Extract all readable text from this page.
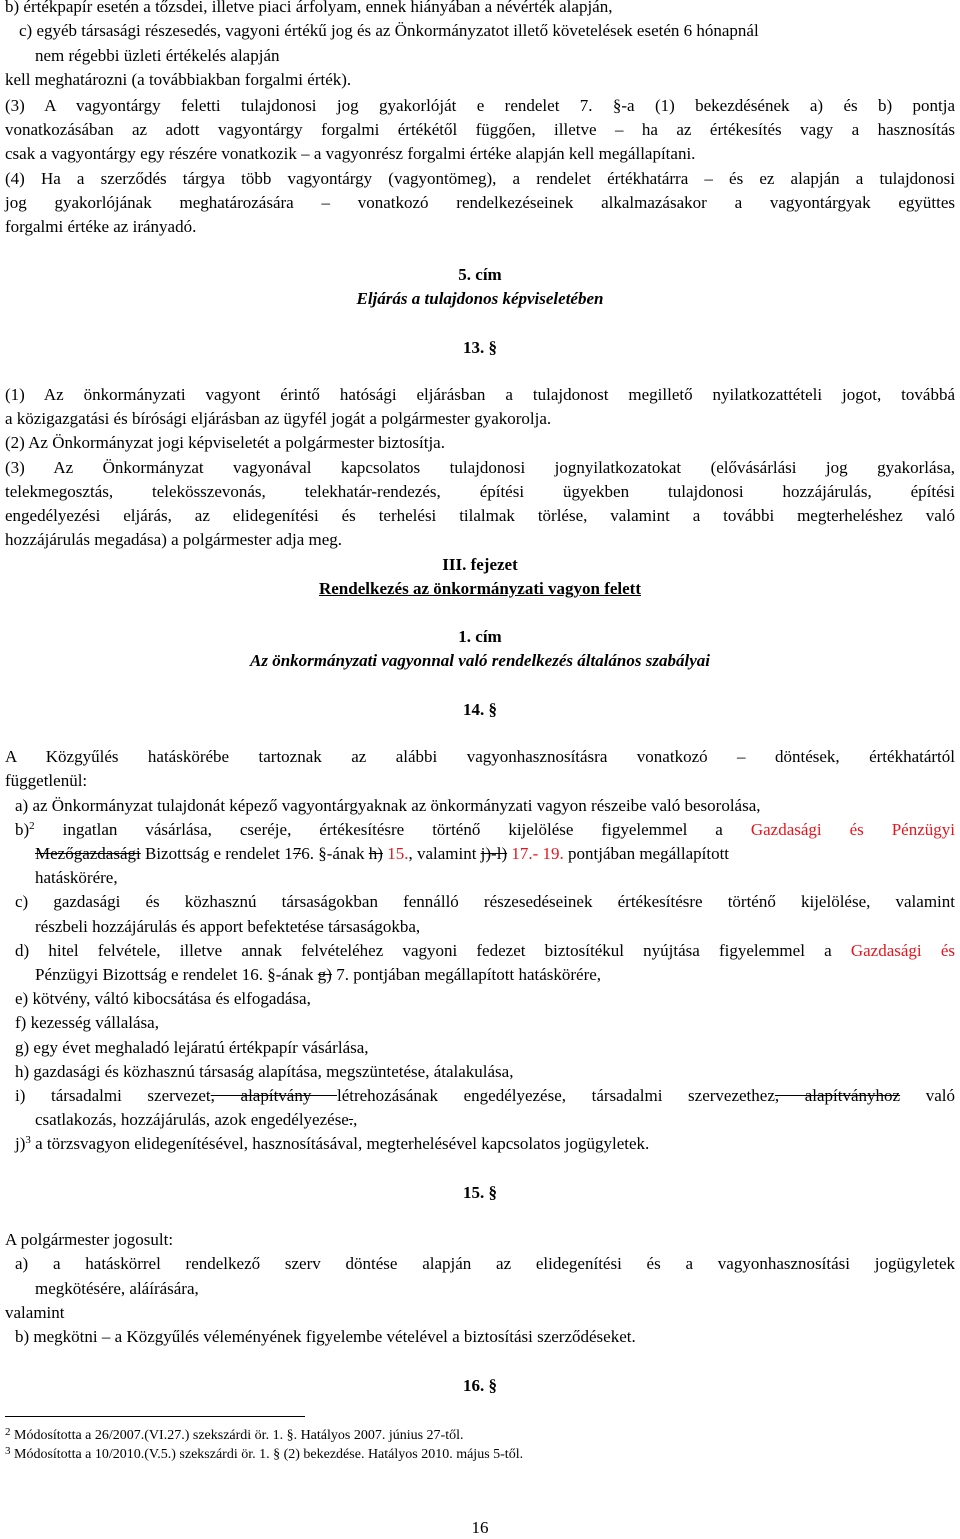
b) értékpapír esetén a tőzsdei, illetve piaci árfolyam, ennek hiányában a névérték alapján,
c) egyéb társasági részesedés, vagyoni értékű jog és az Önkormányzatot illető követelések esetén 6 hónapnál
nem régebbi üzleti értékelés alapján
kell meghatározni (a továbbiakban forgalmi érték).
(3) A vagyontárgy feletti tulajdonosi jog gyakorlóját e rendelet 7. §-a (1) bekezdésének a) és b) pontja
vonatkozásában az adott vagyontárgy forgalmi értékétől függően, illetve – ha az értékesítés vagy a hasznosítás
csak a vagyontárgy egy részére vonatkozik – a vagyonrész forgalmi értéke alapján kell megállapítani.
(4) Ha a szerződés tárgya több vagyontárgy (vagyontömeg), a rendelet értékhatárra – és ez alapján a tulajdonosi
jog gyakorlójának meghatározására – vonatkozó rendelkezéseinek alkalmazásakor a vagyontárgyak együttes
forgalmi értéke az irányadó.
5. cím
Eljárás a tulajdonos képviseletében
13. §
(1) Az önkormányzati vagyont érintő hatósági eljárásban a tulajdonost megillető nyilatkozattételi jogot, továbbá
a közigazgatási és bírósági eljárásban az ügyfél jogát a polgármester gyakorolja.
(2) Az Önkormányzat jogi képviseletét a polgármester biztosítja.
(3) Az Önkormányzat vagyonával kapcsolatos tulajdonosi jognyilatkozatokat (elővásárlási jog gyakorlása,
telekmegosztás, telekösszevonás, telekhatár-rendezés, építési ügyekben tulajdonosi hozzájárulás, építési
engedélyezési eljárás, az elidegenítési és terhelési tilalmak törlése, valamint a további megterheléshez való
hozzájárulás megadása) a polgármester adja meg.
III. fejezet
Rendelkezés az önkormányzati vagyon felett
1. cím
Az önkormányzati vagyonnal való rendelkezés általános szabályai
14. §
A Közgyűlés hatáskörébe tartoznak az alábbi vagyonhasznosításra vonatkozó – döntések, értékhatártól
függetlenül:
a) az Önkormányzat tulajdonát képező vagyontárgyaknak az önkormányzati vagyon részeibe való besorolása,
b)$^2$ ingatlan vásárlása, cseréje, értékesítésre történő kijelölése figyelemmel a Gazdasági és Pénzügyi
Mezőgazdasági Bizottság e rendelet 176. §-ának h) 15., valamint j)-l) 17.- 19. pontjában megállapított
hatáskörére,
c) gazdasági és közhasznú társaságokban fennálló részesedéseinek értékesítésre történő kijelölése, valamint
részbeli hozzájárulás és apport befektetése társaságokba,
d) hitel felvétele, illetve annak felvételéhez vagyoni fedezet biztosítékul nyújtása figyelemmel a Gazdasági és
Pénzügyi Bizottság e rendelet 16. §-ának g) 7. pontjában megállapított hatáskörére,
e) kötvény, váltó kibocsátása és elfogadása,
f) kezesség vállalása,
g) egy évet meghaladó lejáratú értékpapír vásárlása,
h) gazdasági és közhasznú társaság alapítása, megszüntetése, átalakulása,
i) társadalmi szervezet, alapítvány létrehozásának engedélyezése, társadalmi szervezethez, alapítványhoz való
csatlakozás, hozzájárulás, azok engedélyezése.,
j)$^3$ a törzsvagyon elidegenítésével, hasznosításával, megterhelésével kapcsolatos jogügyletek.
15. §
A polgármester jogosult:
a) a hatáskörrel rendelkező szerv döntése alapján az elidegenítési és a vagyonhasznosítási jogügyletek
megkötésére, aláírására,
valamint
b) megkötni – a Közgyűlés véleményének figyelembe vételével a biztosítási szerződéseket.
16. §
$^2$ Módosította a 26/2007.(VI.27.) szekszárdi ör. 1. §. Hatályos 2007. június 27-től.
$^3$ Módosította a 10/2010.(V.5.) szekszárdi ör. 1. § (2) bekezdése. Hatályos 2010. május 5-től.
16
